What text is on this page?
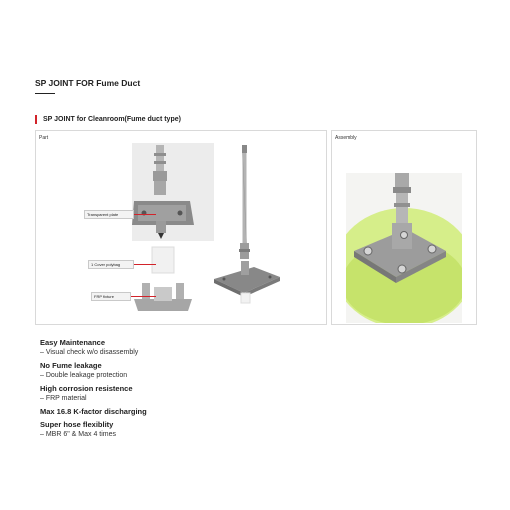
SP JOINT FOR Fume Duct
SP JOINT for Cleanroom(Fume duct type)
Part
Transparent plate
1 Cover polybag
FRP fixture
Assembly
Easy Maintenance
– Visual check w/o disassembly
No Fume leakage
– Double leakage protection
High corrosion resistence
– FRP material
Max 16.8 K-factor discharging
Super hose flexiblity
– MBR 6" & Max 4 times
